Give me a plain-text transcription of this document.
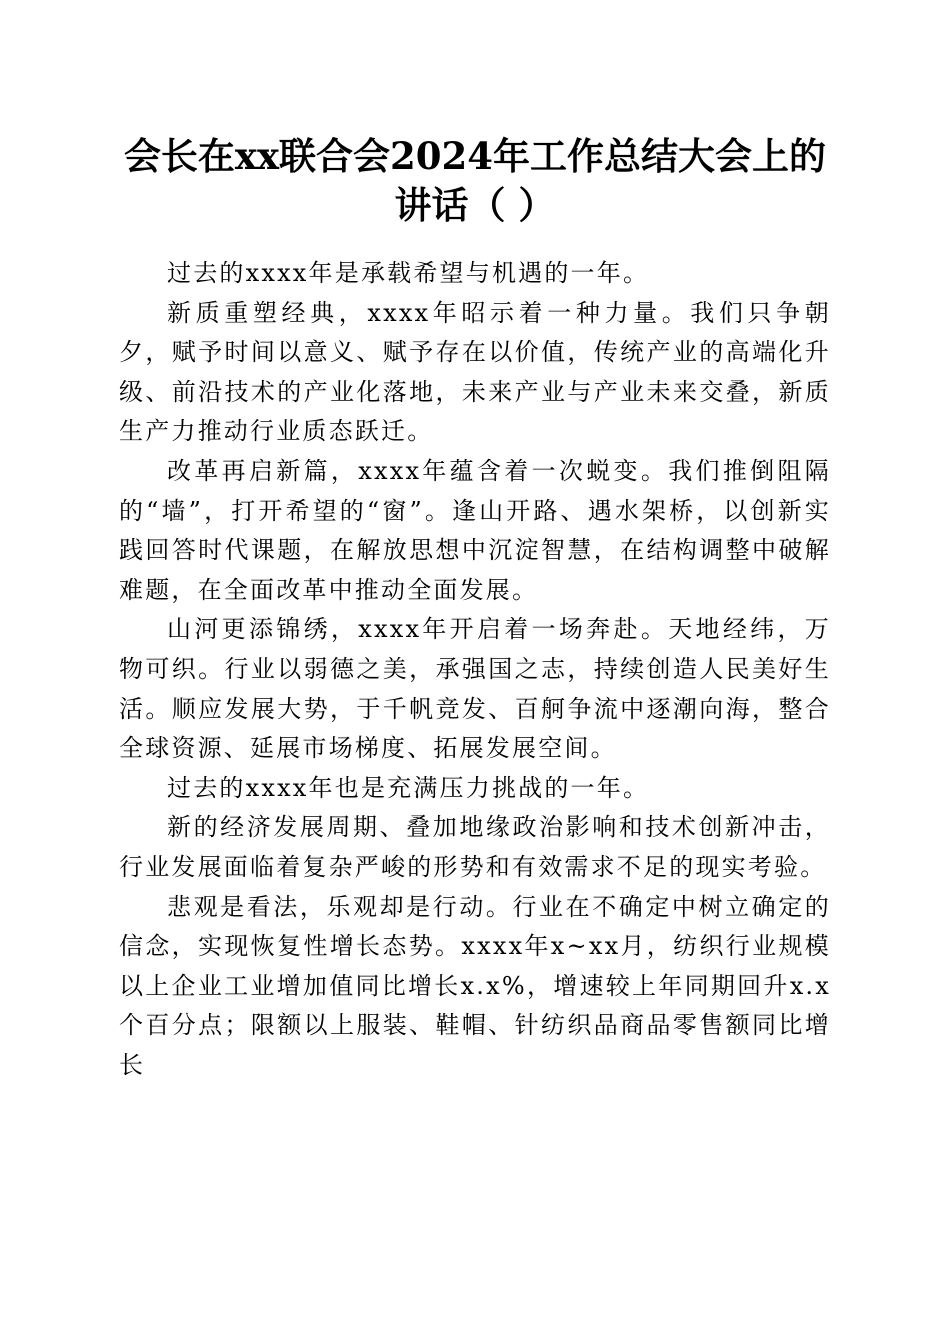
会长在xx联合会2024年工作总结大会上的讲话（ ）

过去的xxxx年是承载希望与机遇的一年。

新质重塑经典，xxxx年昭示着一种力量。我们只争朝夕，赋予时间以意义、赋予存在以价值，传统产业的高端化升级、前沿技术的产业化落地，未来产业与产业未来交叠，新质生产力推动行业质态跃迁。

改革再启新篇，xxxx年蕴含着一次蜕变。我们推倒阻隔的“墙”，打开希望的“窗”。逢山开路、遇水架桥，以创新实践回答时代课题，在解放思想中沉淀智慧，在结构调整中破解难题，在全面改革中推动全面发展。

山河更添锦绣，xxxx年开启着一场奔赴。天地经纬，万物可织。行业以弱德之美，承强国之志，持续创造人民美好生活。顺应发展大势，于千帆竞发、百舸争流中逐潮向海，整合全球资源、延展市场梯度、拓展发展空间。

过去的xxxx年也是充满压力挑战的一年。

新的经济发展周期、叠加地缘政治影响和技术创新冲击，行业发展面临着复杂严峻的形势和有效需求不足的现实考验。

悲观是看法，乐观却是行动。行业在不确定中树立确定的信念，实现恢复性增长态势。xxxx年x~xx月，纺织行业规模以上企业工业增加值同比增长x.x%，增速较上年同期回升x.x个百分点；限额以上服装、鞋帽、针纺织品商品零售额同比增长
